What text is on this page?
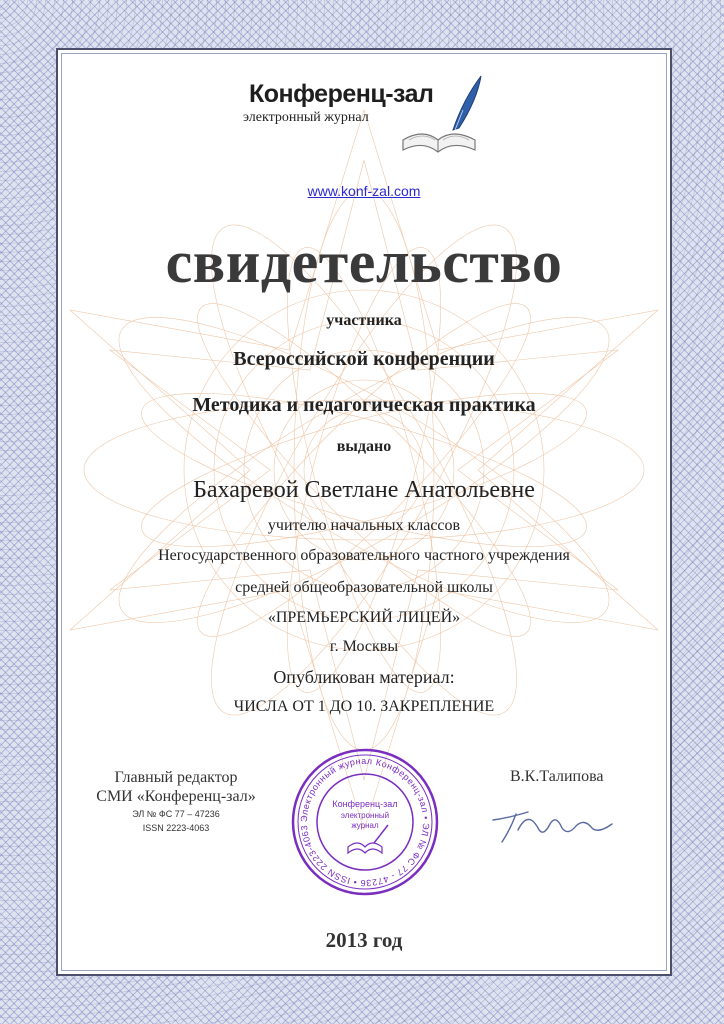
Конференц-зал
электронный журнал
www.konf-zal.com
свидетельство
участника
Всероссийской конференции
Методика и педагогическая практика
выдано
Бахаревой Светлане Анатольевне
учителю начальных классов
Негосударственного образовательного частного учреждения
средней общеобразовательной школы
«ПРЕМЬЕРСКИЙ ЛИЦЕЙ»
г. Москвы
Опубликован материал:
ЧИСЛА ОТ 1 ДО 10. ЗАКРЕПЛЕНИЕ
Главный редактор
СМИ «Конференц-зал»
ЭЛ № ФС 77 – 47236
ISSN 2223-4063
Электронный журнал Конференц-зал • ЭЛ № ФС 77 - 47236 • ISSN 2223-4063
Конференц-зал
электронный
журнал
В.К.Талипова
2013 год
